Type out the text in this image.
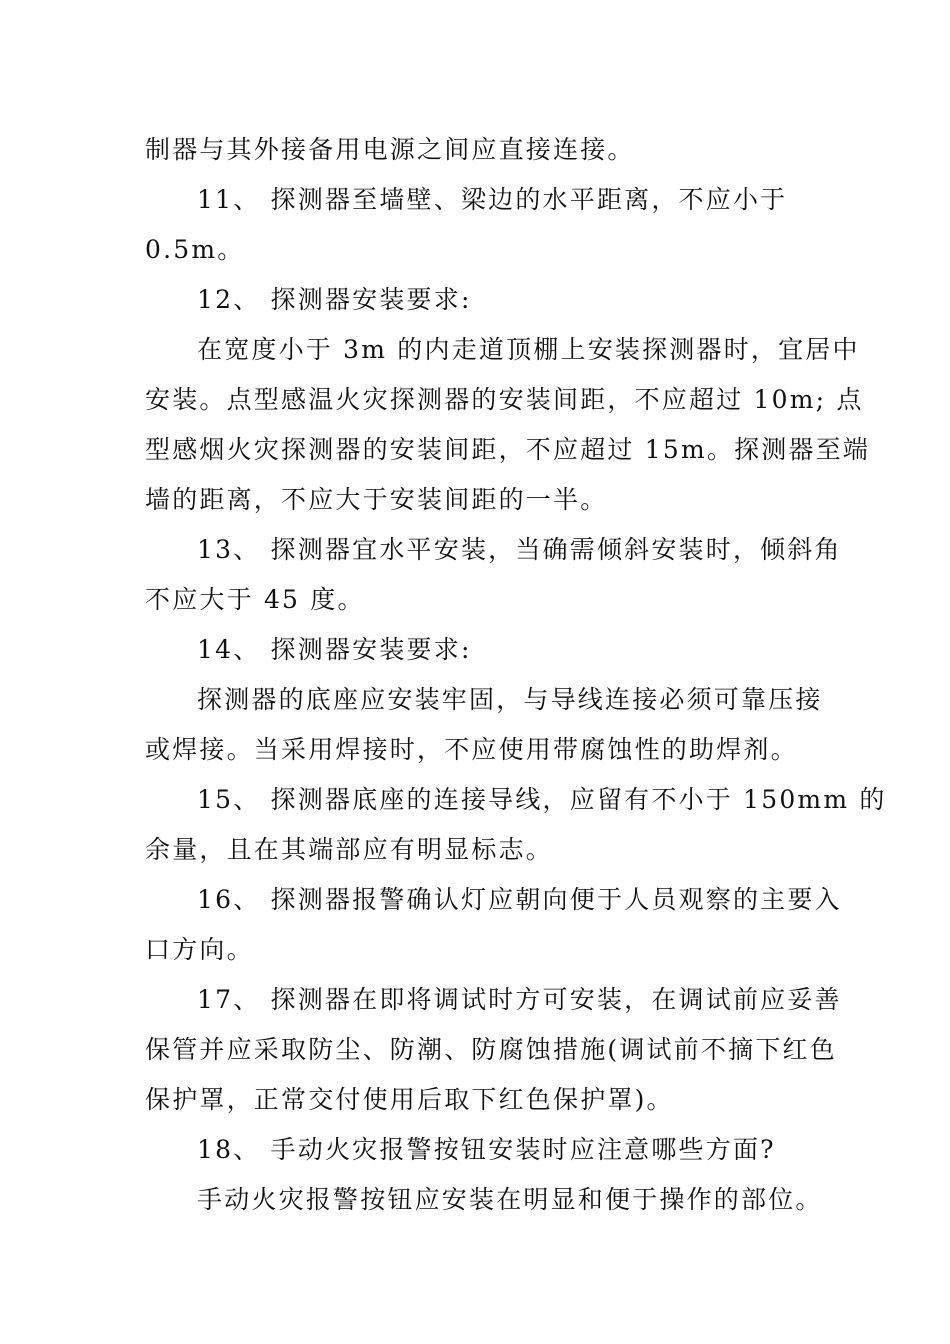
制器与其外接备用电源之间应直接连接。
11、 探测器至墙壁、梁边的水平距离，不应小于
0.5m。
12、 探测器安装要求:
在宽度小于 3m 的内走道顶棚上安装探测器时，宜居中
安装。点型感温火灾探测器的安装间距，不应超过 10m; 点
型感烟火灾探测器的安装间距，不应超过 15m。探测器至端
墙的距离，不应大于安装间距的一半。
13、 探测器宜水平安装，当确需倾斜安装时，倾斜角
不应大于 45 度。
14、 探测器安装要求:
探测器的底座应安装牢固，与导线连接必须可靠压接
或焊接。当采用焊接时，不应使用带腐蚀性的助焊剂。
15、 探测器底座的连接导线，应留有不小于 150mm 的
余量，且在其端部应有明显标志。
16、 探测器报警确认灯应朝向便于人员观察的主要入
口方向。
17、 探测器在即将调试时方可安装，在调试前应妥善
保管并应采取防尘、防潮、防腐蚀措施(调试前不摘下红色
保护罩，正常交付使用后取下红色保护罩)。
18、 手动火灾报警按钮安装时应注意哪些方面?
手动火灾报警按钮应安装在明显和便于操作的部位。
